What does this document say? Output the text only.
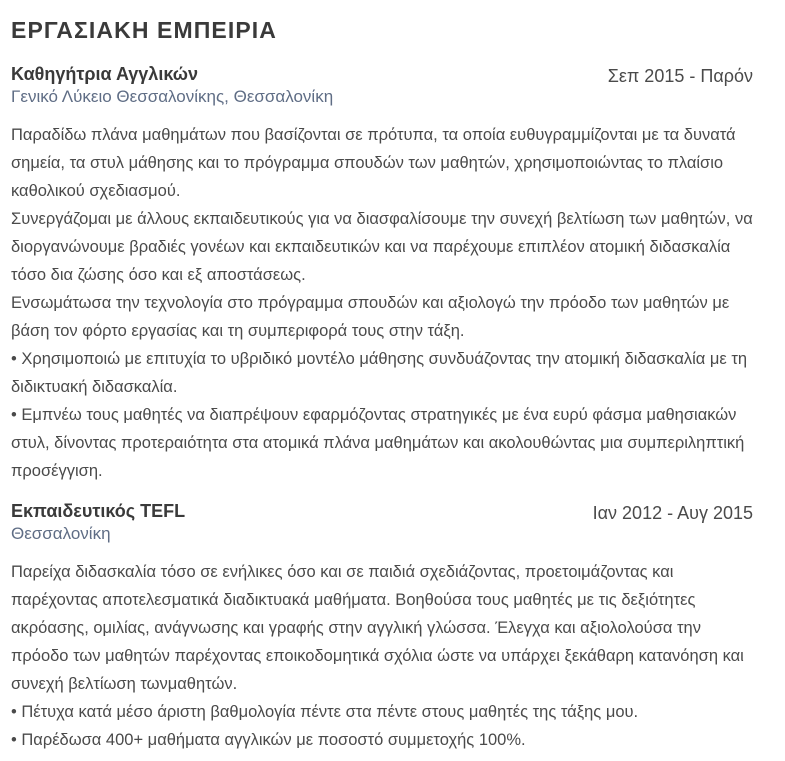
ΕΡΓΑΣΙΑΚΗ ΕΜΠΕΙΡΙΑ
Καθηγήτρια Αγγλικών	Σεπ 2015 - Παρόν
Γενικό Λύκειο Θεσσαλονίκης, Θεσσαλονίκη

Παραδίδω πλάνα μαθημάτων που βασίζονται σε πρότυπα, τα οποία ευθυγραμμίζονται με τα δυνατά σημεία, τα στυλ μάθησης και το πρόγραμμα σπουδών των μαθητών, χρησιμοποιώντας το πλαίσιο καθολικού σχεδιασμού.

Συνεργάζομαι με άλλους εκπαιδευτικούς για να διασφαλίσουμε την συνεχή βελτίωση των μαθητών, να διοργανώνουμε βραδιές γονέων και εκπαιδευτικών και να παρέχουμε επιπλέον ατομική διδασκαλία τόσο δια ζώσης όσο και εξ αποστάσεως.

Ενσωμάτωσα την τεχνολογία στο πρόγραμμα σπουδών και αξιολογώ την πρόοδο των μαθητών με βάση τον φόρτο εργασίας και τη συμπεριφορά τους στην τάξη.

• Χρησιμοποιώ με επιτυχία το υβριδικό μοντέλο μάθησης συνδυάζοντας την ατομική διδασκαλία με τη διδικτυακή διδασκαλία.

• Εμπνέω τους μαθητές να διαπρέψουν εφαρμόζοντας στρατηγικές με ένα ευρύ φάσμα μαθησιακών στυλ, δίνοντας προτεραιότητα στα ατομικά πλάνα μαθημάτων και ακολουθώντας μια συμπεριληπτική προσέγγιση.

Εκπαιδευτικός TEFL	Ιαν 2012 - Αυγ 2015
Θεσσαλονίκη

Παρείχα διδασκαλία τόσο σε ενήλικες όσο και σε παιδιά σχεδιάζοντας, προετοιμάζοντας και παρέχοντας αποτελεσματικά διαδικτυακά μαθήματα. Βοηθούσα τους μαθητές με τις δεξιότητες ακρόασης, ομιλίας, ανάγνωσης και γραφής στην αγγλική γλώσσα. Έλεγχα και αξιολολούσα την πρόοδο των μαθητών παρέχοντας εποικοδομητικά σχόλια ώστε να υπάρχει ξεκάθαρη κατανόηση και συνεχή βελτίωση τωνμαθητών.

• Πέτυχα κατά μέσο άριστη βαθμολογία πέντε στα πέντε στους μαθητές της τάξης μου.

• Παρέδωσα 400+ μαθήματα αγγλικών με ποσοστό συμμετοχής 100%.
